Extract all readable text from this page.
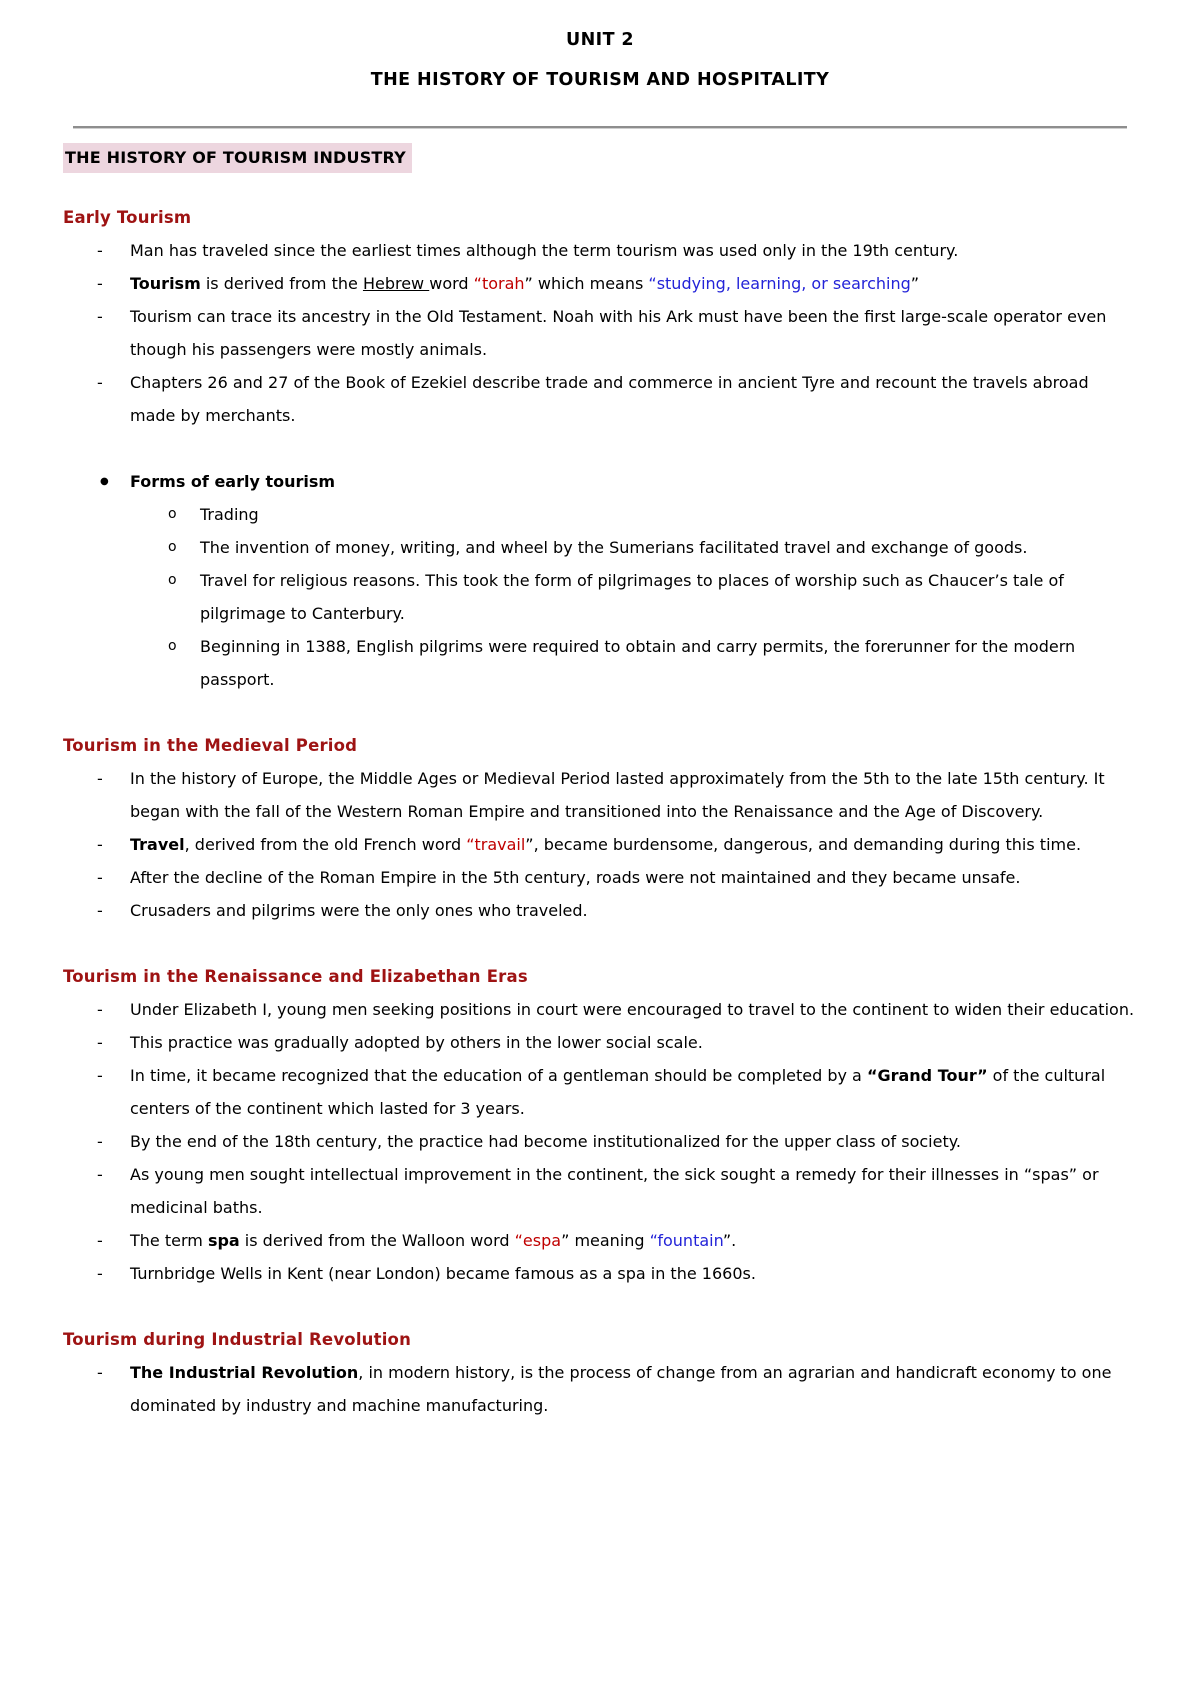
UNIT 2
THE HISTORY OF TOURISM AND HOSPITALITY
THE HISTORY OF TOURISM INDUSTRY
Early Tourism
-	Man has traveled since the earliest times although the term tourism was used only in the 19th century.
-	Tourism is derived from the Hebrew word “torah” which means “studying, learning, or searching”
-	Tourism can trace its ancestry in the Old Testament. Noah with his Ark must have been the first large-scale operator even though his passengers were mostly animals.
-	Chapters 26 and 27 of the Book of Ezekiel describe trade and commerce in ancient Tyre and recount the travels abroad made by merchants.
●	Forms of early tourism
o	Trading
o	The invention of money, writing, and wheel by the Sumerians facilitated travel and exchange of goods.
o	Travel for religious reasons. This took the form of pilgrimages to places of worship such as Chaucer’s tale of pilgrimage to Canterbury.
o	Beginning in 1388, English pilgrims were required to obtain and carry permits, the forerunner for the modern passport.
Tourism in the Medieval Period
-	In the history of Europe, the Middle Ages or Medieval Period lasted approximately from the 5th to the late 15th century. It began with the fall of the Western Roman Empire and transitioned into the Renaissance and the Age of Discovery.
-	Travel, derived from the old French word “travail”, became burdensome, dangerous, and demanding during this time.
-	After the decline of the Roman Empire in the 5th century, roads were not maintained and they became unsafe.
-	Crusaders and pilgrims were the only ones who traveled.
Tourism in the Renaissance and Elizabethan Eras
-	Under Elizabeth I, young men seeking positions in court were encouraged to travel to the continent to widen their education.
-	This practice was gradually adopted by others in the lower social scale.
-	In time, it became recognized that the education of a gentleman should be completed by a “Grand Tour” of the cultural centers of the continent which lasted for 3 years.
-	By the end of the 18th century, the practice had become institutionalized for the upper class of society.
-	As young men sought intellectual improvement in the continent, the sick sought a remedy for their illnesses in “spas” or medicinal baths.
-	The term spa is derived from the Walloon word “espa” meaning “fountain”.
-	Turnbridge Wells in Kent (near London) became famous as a spa in the 1660s.
Tourism during Industrial Revolution
-	The Industrial Revolution, in modern history, is the process of change from an agrarian and handicraft economy to one dominated by industry and machine manufacturing.
